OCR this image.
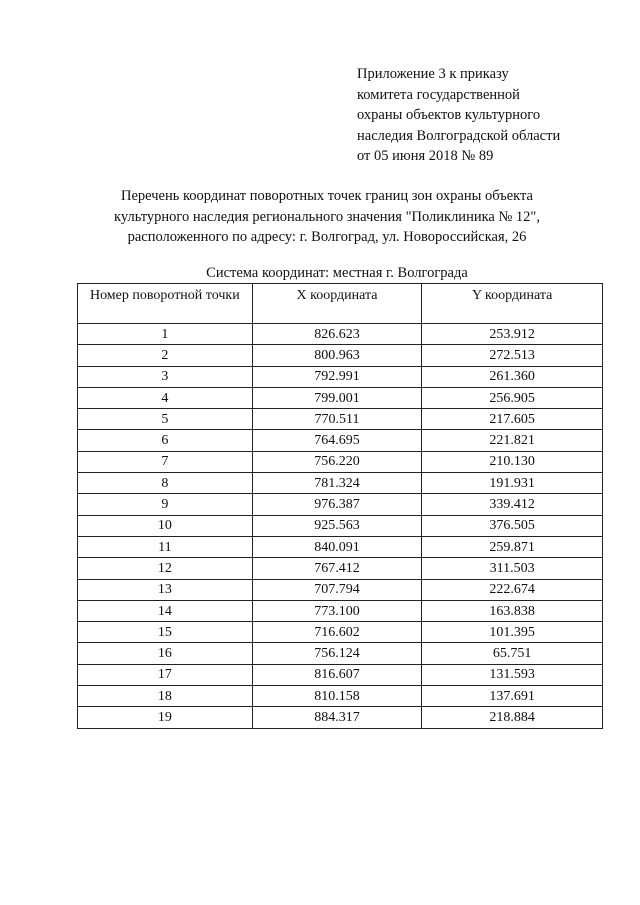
Приложение 3 к приказу
комитета государственной
охраны объектов культурного
наследия Волгоградской области
от 05 июня 2018 № 89
Перечень координат поворотных точек границ зон охраны объекта
культурного наследия регионального значения "Поликлиника № 12",
расположенного по адресу: г. Волгоград, ул. Новороссийская, 26
Система координат: местная г. Волгограда
Номер поворотной точки	X координата	Y координата
1	826.623	253.912
2	800.963	272.513
3	792.991	261.360
4	799.001	256.905
5	770.511	217.605
6	764.695	221.821
7	756.220	210.130
8	781.324	191.931
9	976.387	339.412
10	925.563	376.505
11	840.091	259.871
12	767.412	311.503
13	707.794	222.674
14	773.100	163.838
15	716.602	101.395
16	756.124	65.751
17	816.607	131.593
18	810.158	137.691
19	884.317	218.884
